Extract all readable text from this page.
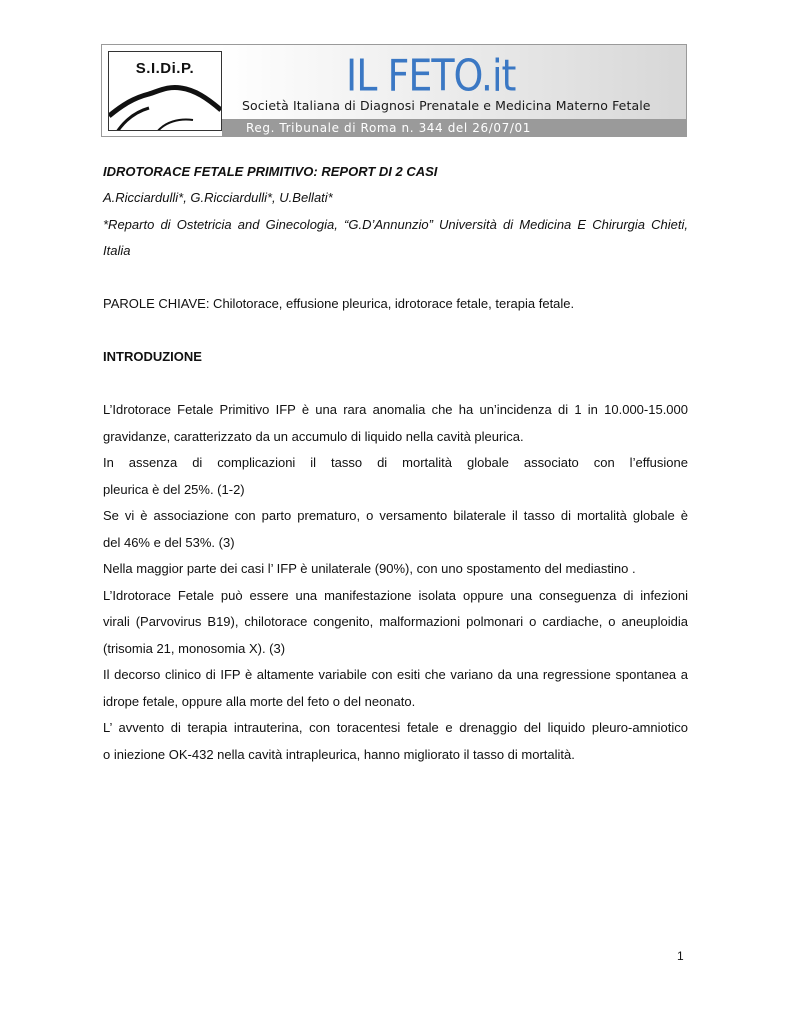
S.I.Di.P.	IL FETO.it
Società Italiana di Diagnosi Prenatale e Medicina Materno Fetale
Reg. Tribunale di Roma n. 344 del 26/07/01
IDROTORACE FETALE PRIMITIVO: REPORT DI 2 CASI
A.Ricciardulli*, G.Ricciardulli*, U.Bellati*
*Reparto di Ostetricia and Ginecologia, “G.D’Annunzio” Università di Medicina E Chirurgia Chieti,
Italia
PAROLE CHIAVE: Chilotorace, effusione pleurica, idrotorace fetale, terapia fetale.
INTRODUZIONE
L’Idrotorace Fetale Primitivo IFP è una rara anomalia che ha un’incidenza di 1 in 10.000-15.000
gravidanze, caratterizzato da un accumulo di liquido nella cavità pleurica.
In assenza di complicazioni il tasso di mortalità globale associato con l’effusione
pleurica è del 25%. (1-2)
Se vi è associazione con parto prematuro, o versamento bilaterale il tasso di mortalità globale è
del 46% e del 53%. (3)
Nella maggior parte dei casi l’ IFP è unilaterale (90%), con uno spostamento del mediastino .
L’Idrotorace Fetale può essere una manifestazione isolata oppure una conseguenza di infezioni
virali (Parvovirus B19), chilotorace congenito, malformazioni polmonari o cardiache, o aneuploidia
(trisomia 21, monosomia X). (3)
Il decorso clinico di IFP è altamente variabile con esiti che variano da una regressione spontanea a
idrope fetale, oppure alla morte del feto o del neonato.
L’ avvento di terapia intrauterina, con toracentesi fetale e drenaggio del liquido pleuro-amniotico
o iniezione OK-432 nella cavità intrapleurica, hanno migliorato il tasso di mortalità.
1
